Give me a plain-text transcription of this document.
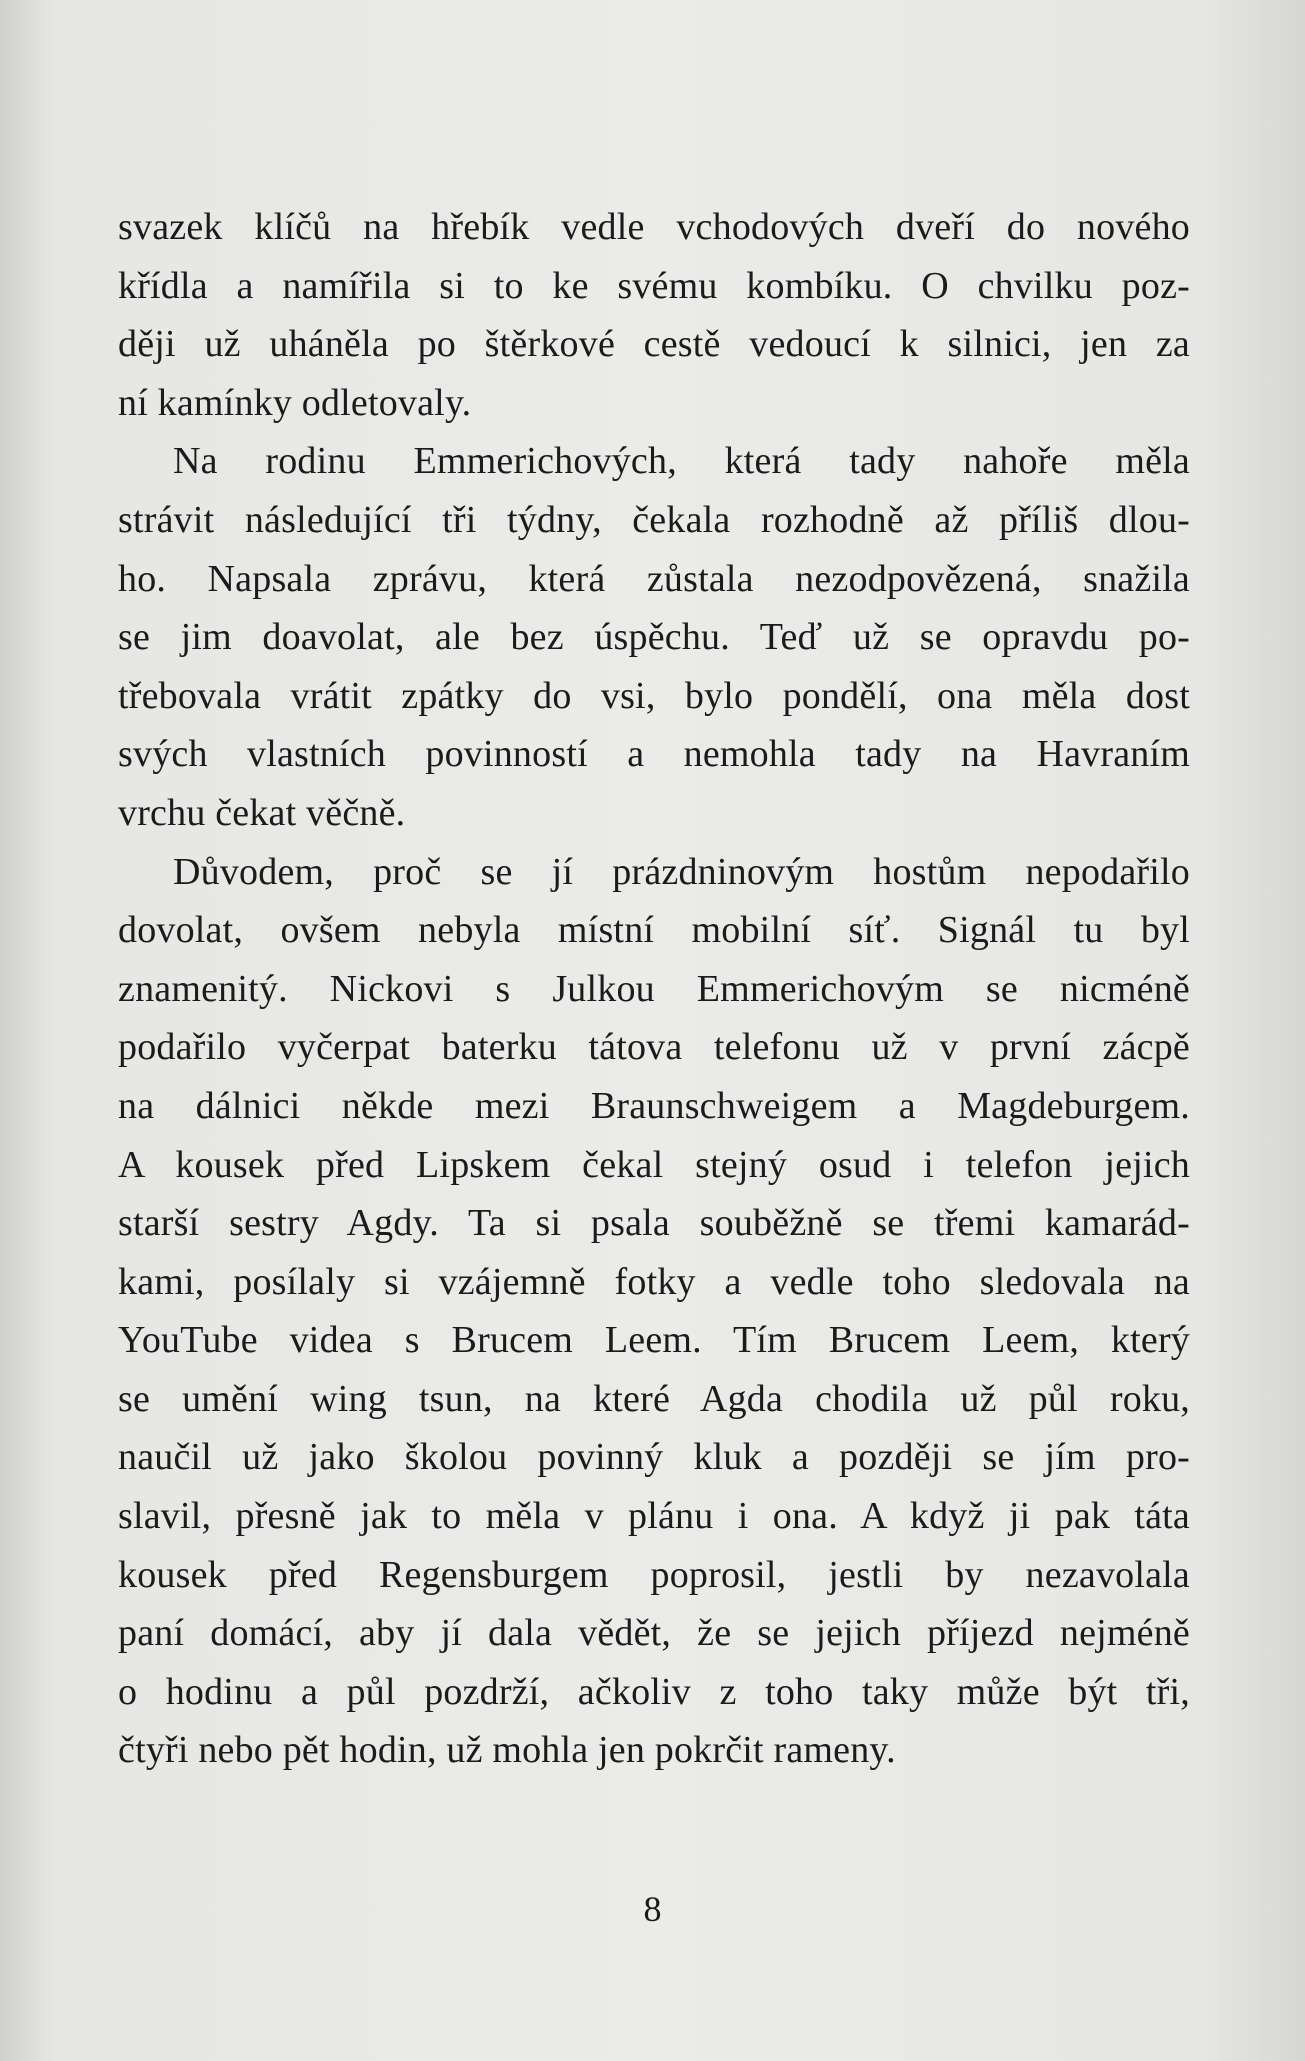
svazek klíčů na hřebík vedle vchodových dveří do nového
křídla a namířila si to ke svému kombíku. O chvilku poz-
ději už uháněla po štěrkové cestě vedoucí k silnici, jen za
ní kamínky odletovaly.
Na rodinu Emmerichových, která tady nahoře měla
strávit následující tři týdny, čekala rozhodně až příliš dlou-
ho. Napsala zprávu, která zůstala nezodpovězená, snažila
se jim doavolat, ale bez úspěchu. Teď už se opravdu po-
třebovala vrátit zpátky do vsi, bylo pondělí, ona měla dost
svých vlastních povinností a nemohla tady na Havraním
vrchu čekat věčně.
Důvodem, proč se jí prázdninovým hostům nepodařilo
dovolat, ovšem nebyla místní mobilní síť. Signál tu byl
znamenitý. Nickovi s Julkou Emmerichovým se nicméně
podařilo vyčerpat baterku tátova telefonu už v první zácpě
na dálnici někde mezi Braunschweigem a Magdeburgem.
A kousek před Lipskem čekal stejný osud i telefon jejich
starší sestry Agdy. Ta si psala souběžně se třemi kamarád-
kami, posílaly si vzájemně fotky a vedle toho sledovala na
YouTube videa s Brucem Leem. Tím Brucem Leem, který
se umění wing tsun, na které Agda chodila už půl roku,
naučil už jako školou povinný kluk a později se jím pro-
slavil, přesně jak to měla v plánu i ona. A když ji pak táta
kousek před Regensburgem poprosil, jestli by nezavolala
paní domácí, aby jí dala vědět, že se jejich příjezd nejméně
o hodinu a půl pozdrží, ačkoliv z toho taky může být tři,
čtyři nebo pět hodin, už mohla jen pokrčit rameny.
8
